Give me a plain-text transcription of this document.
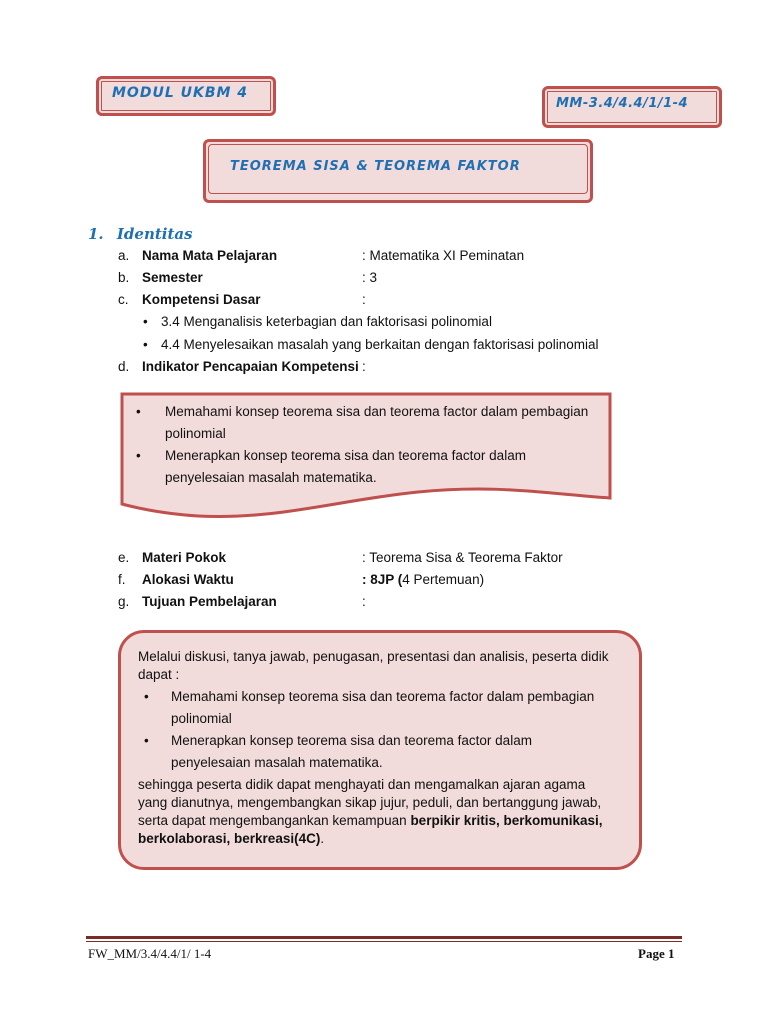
MODUL UKBM 4
MM-3.4/4.4/1/1-4
TEOREMA SISA & TEOREMA FAKTOR
1. Identitas
a. Nama Mata Pelajaran	: Matematika XI Peminatan
b. Semester	: 3
c. Kompetensi Dasar	:
• 3.4 Menganalisis keterbagian dan faktorisasi polinomial
• 4.4 Menyelesaikan masalah yang berkaitan dengan faktorisasi polinomial
d. Indikator Pencapaian Kompetensi :
• Memahami konsep teorema sisa dan teorema factor dalam pembagian
polinomial
• Menerapkan konsep teorema sisa dan teorema factor dalam
penyelesaian masalah matematika.
e. Materi Pokok	: Teorema Sisa & Teorema Faktor
f. Alokasi Waktu	: 8JP (4 Pertemuan)
g. Tujuan Pembelajaran	:
Melalui diskusi, tanya jawab, penugasan, presentasi dan analisis, peserta didik
dapat :
• Memahami konsep teorema sisa dan teorema factor dalam pembagian
polinomial
• Menerapkan konsep teorema sisa dan teorema factor dalam
penyelesaian masalah matematika.
sehingga peserta didik dapat menghayati dan mengamalkan ajaran agama
yang dianutnya, mengembangkan sikap jujur, peduli, dan bertanggung jawab,
serta dapat mengembangankan kemampuan berpikir kritis, berkomunikasi,
berkolaborasi, berkreasi(4C).
FW_MM/3.4/4.4/1/ 1-4	Page 1
